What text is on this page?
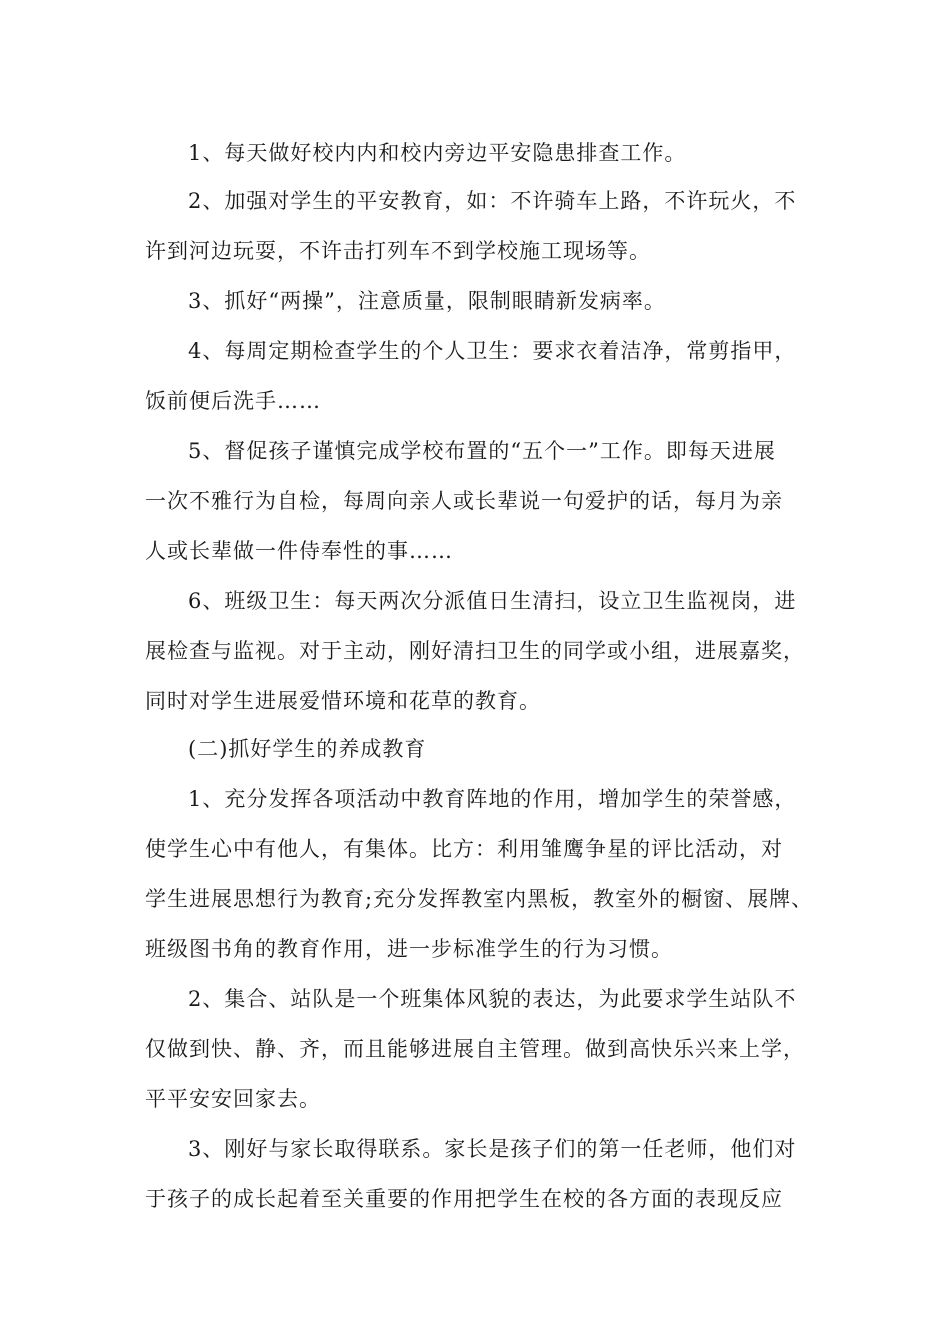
1、每天做好校内内和校内旁边平安隐患排查工作。
2、加强对学生的平安教育，如：不许骑车上路，不许玩火，不
许到河边玩耍，不许击打列车不到学校施工现场等。
3、抓好“两操”，注意质量，限制眼睛新发病率。
4、每周定期检查学生的个人卫生：要求衣着洁净，常剪指甲，
饭前便后洗手……
5、督促孩子谨慎完成学校布置的“五个一”工作。即每天进展
一次不雅行为自检，每周向亲人或长辈说一句爱护的话，每月为亲
人或长辈做一件侍奉性的事……
6、班级卫生：每天两次分派值日生清扫，设立卫生监视岗，进
展检查与监视。对于主动，刚好清扫卫生的同学或小组，进展嘉奖，
同时对学生进展爱惜环境和花草的教育。
(二)抓好学生的养成教育
1、充分发挥各项活动中教育阵地的作用，增加学生的荣誉感，
使学生心中有他人，有集体。比方：利用雏鹰争星的评比活动，对
学生进展思想行为教育;充分发挥教室内黑板，教室外的橱窗、展牌、
班级图书角的教育作用，进一步标准学生的行为习惯。
2、集合、站队是一个班集体风貌的表达，为此要求学生站队不
仅做到快、静、齐，而且能够进展自主管理。做到高快乐兴来上学，
平平安安回家去。
3、刚好与家长取得联系。家长是孩子们的第一任老师，他们对
于孩子的成长起着至关重要的作用把学生在校的各方面的表现反应
